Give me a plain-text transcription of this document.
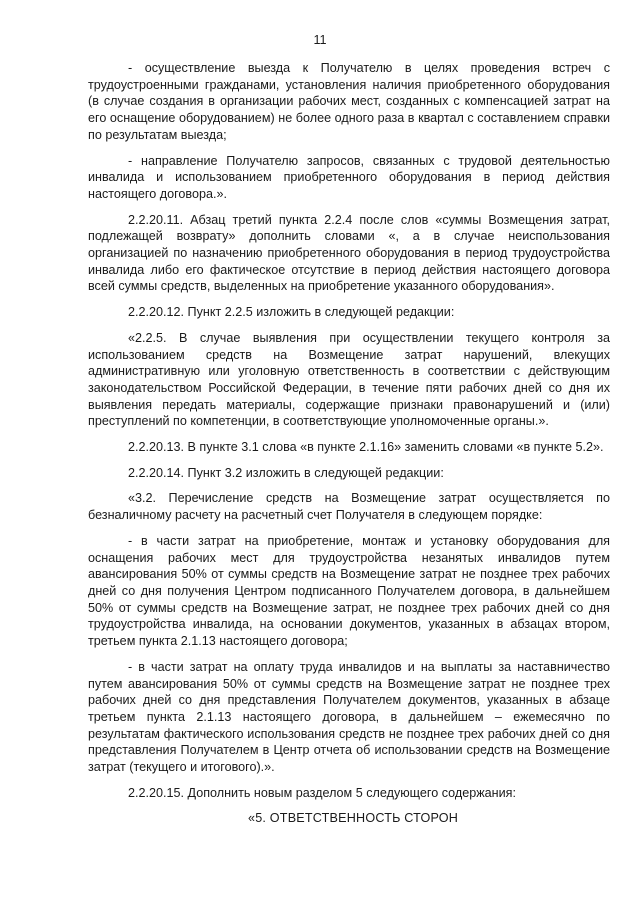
11

- осуществление выезда к Получателю в целях проведения встреч с трудоустроенными гражданами, установления наличия приобретенного оборудования (в случае создания в организации рабочих мест, созданных с компенсацией затрат на его оснащение оборудованием) не более одного раза в квартал с составлением справки по результатам выезда;

- направление Получателю запросов, связанных с трудовой деятельностью инвалида и использованием приобретенного оборудования в период действия настоящего договора.».

2.2.20.11. Абзац третий пункта 2.2.4 после слов «суммы Возмещения затрат, подлежащей возврату» дополнить словами «, а в случае неиспользования организацией по назначению приобретенного оборудования в период трудоустройства инвалида либо его фактическое отсутствие в период действия настоящего договора всей суммы средств, выделенных на приобретение указанного оборудования».

2.2.20.12. Пункт 2.2.5 изложить в следующей редакции:

«2.2.5. В случае выявления при осуществлении текущего контроля за использованием средств на Возмещение затрат нарушений, влекущих административную или уголовную ответственность в соответствии с действующим законодательством Российской Федерации, в течение пяти рабочих дней со дня их выявления передать материалы, содержащие признаки правонарушений и (или) преступлений по компетенции, в соответствующие уполномоченные органы.».

2.2.20.13. В пункте 3.1 слова «в пункте 2.1.16» заменить словами «в пункте 5.2».

2.2.20.14. Пункт 3.2 изложить в следующей редакции:

«3.2. Перечисление средств на Возмещение затрат осуществляется по безналичному расчету на расчетный счет Получателя в следующем порядке:

- в части затрат на приобретение, монтаж и установку оборудования для оснащения рабочих мест для трудоустройства незанятых инвалидов путем авансирования 50% от суммы средств на Возмещение затрат не позднее трех рабочих дней со дня получения Центром подписанного Получателем договора, в дальнейшем 50% от суммы средств на Возмещение затрат, не позднее трех рабочих дней со дня трудоустройства инвалида, на основании документов, указанных в абзацах втором, третьем пункта 2.1.13 настоящего договора;

- в части затрат на оплату труда инвалидов и на выплаты за наставничество путем авансирования 50% от суммы средств на Возмещение затрат не позднее трех рабочих дней со дня представления Получателем документов, указанных в абзаце третьем пункта 2.1.13 настоящего договора, в дальнейшем – ежемесячно по результатам фактического использования средств не позднее трех рабочих дней со дня представления Получателем в Центр отчета об использовании средств на Возмещение затрат (текущего и итогового).».

2.2.20.15. Дополнить новым разделом 5 следующего содержания:

«5. ОТВЕТСТВЕННОСТЬ СТОРОН
